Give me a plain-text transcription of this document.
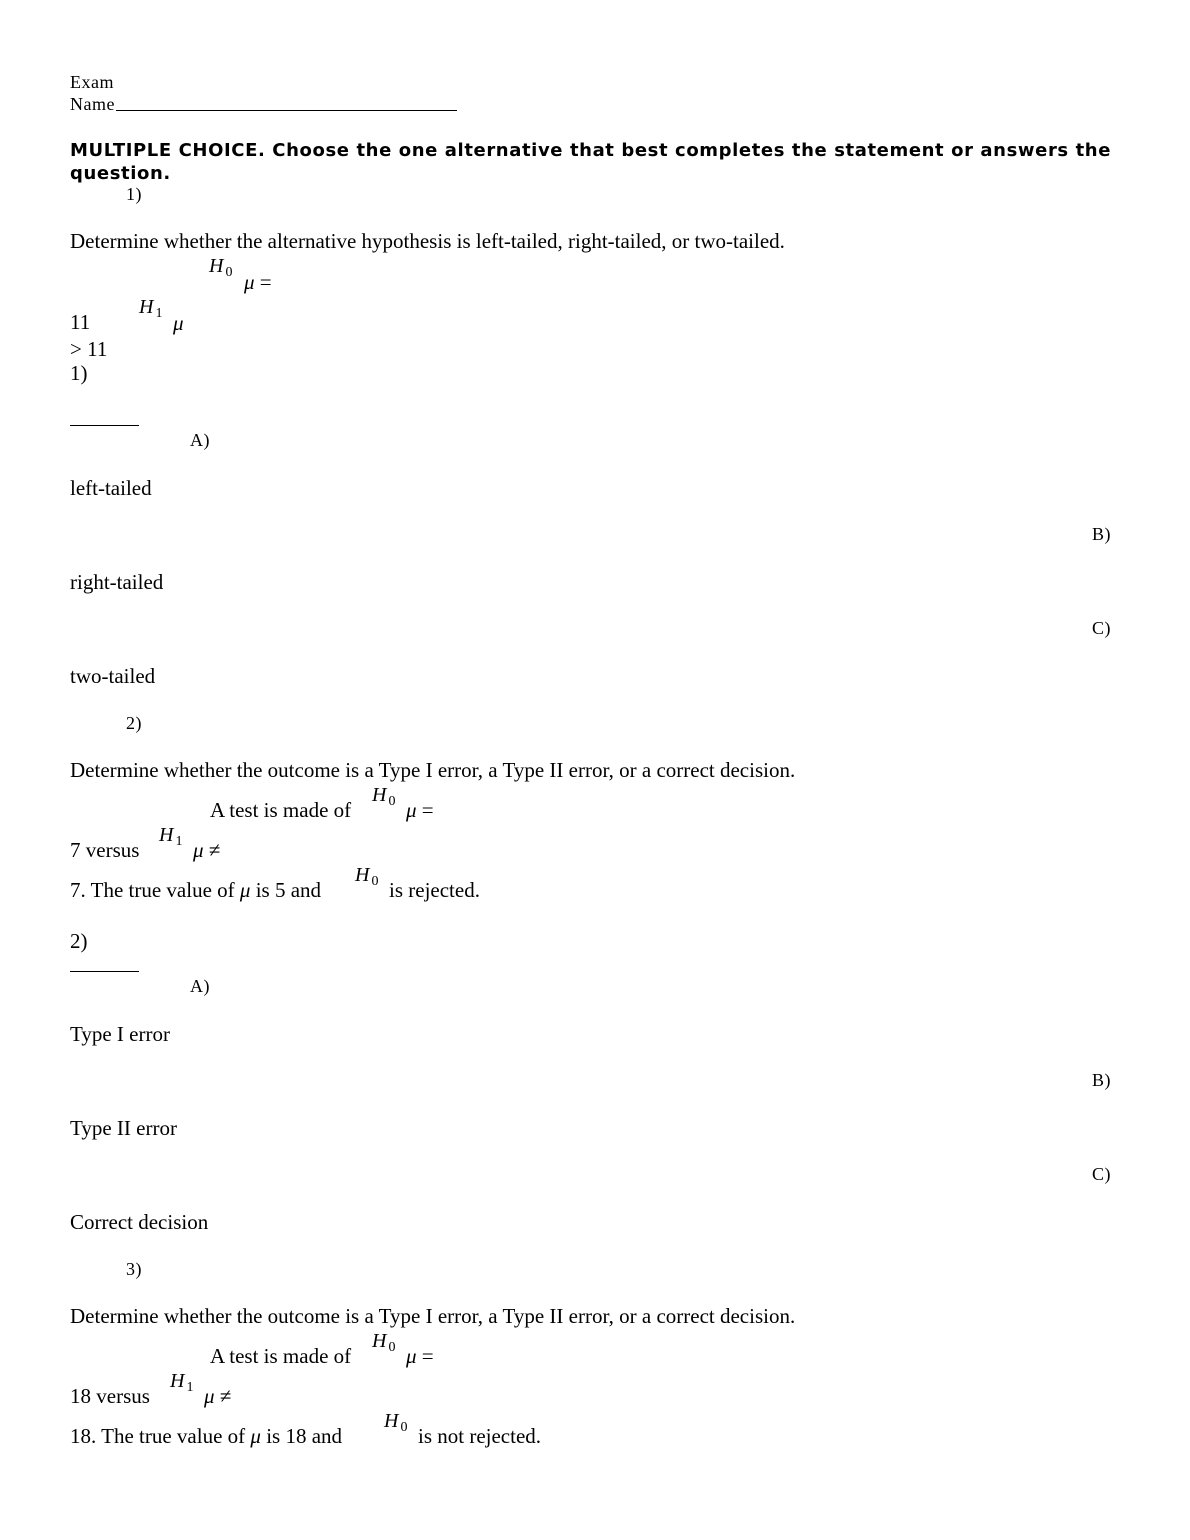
Exam
Name
MULTIPLE CHOICE. Choose the one alternative that best completes the statement or answers the question.
1)
Determine whether the alternative hypothesis is left-tailed, right-tailed, or two-tailed.
H $_0$ μ =
11
H $_1$ μ
> 11
1)
A)
left-tailed
B)
right-tailed
C)
two-tailed
2)
Determine whether the outcome is a Type I error, a Type II error, or a correct decision.
A test is made of
H $_0$ μ =
7 versus
H $_1$ μ ≠
7. The true value of μ is 5 and
H $_0$ is rejected.
2)
A)
Type I error
B)
Type II error
C)
Correct decision
3)
Determine whether the outcome is a Type I error, a Type II error, or a correct decision.
A test is made of
H $_0$ μ =
18 versus
H $_1$ μ ≠
18. The true value of μ is 18 and
H $_0$ is not rejected.
